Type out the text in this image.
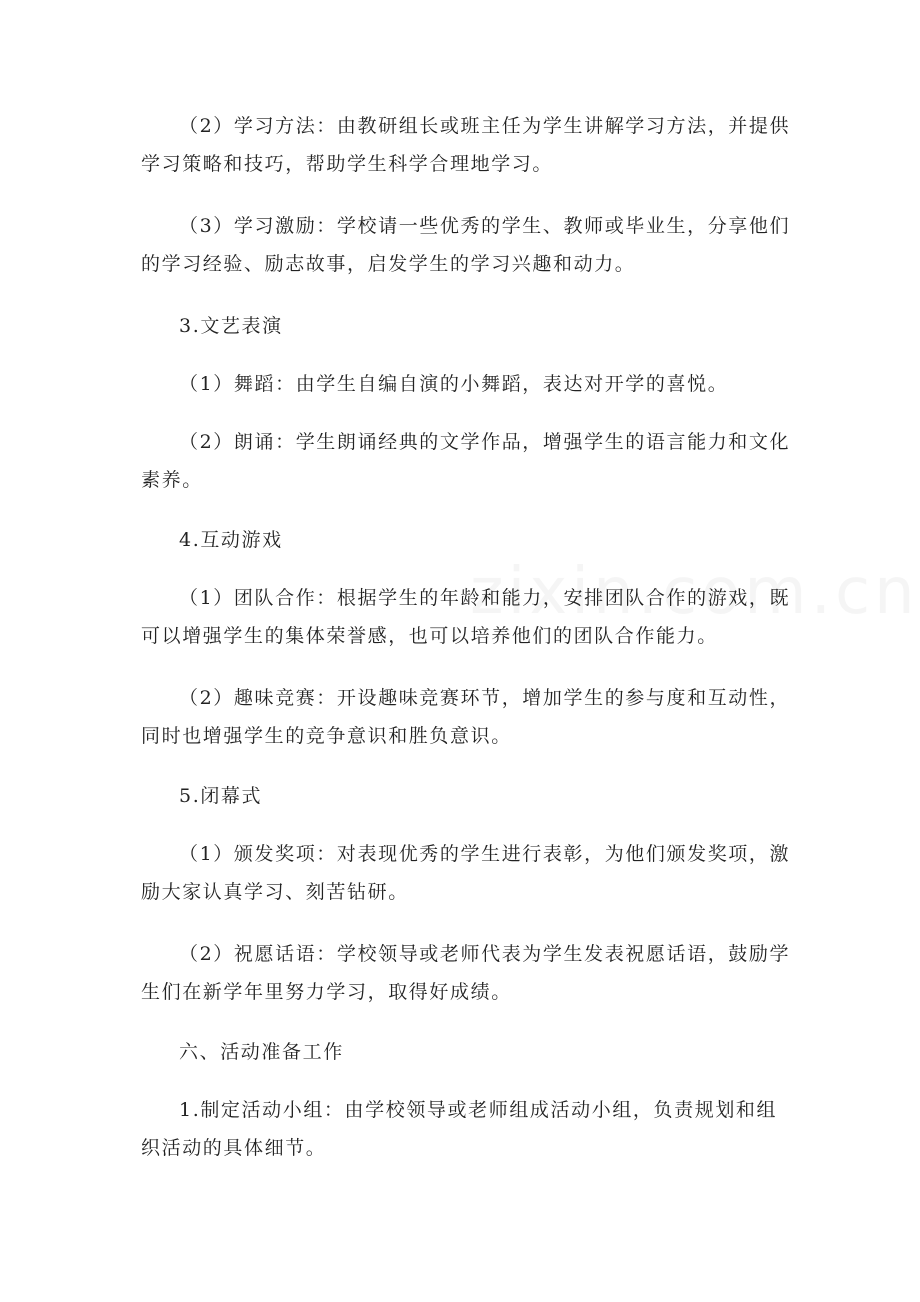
（2）学习方法：由教研组长或班主任为学生讲解学习方法，并提供学习策略和技巧，帮助学生科学合理地学习。

（3）学习激励：学校请一些优秀的学生、教师或毕业生，分享他们的学习经验、励志故事，启发学生的学习兴趣和动力。

3.文艺表演

（1）舞蹈：由学生自编自演的小舞蹈，表达对开学的喜悦。

（2）朗诵：学生朗诵经典的文学作品，增强学生的语言能力和文化素养。

4.互动游戏

（1）团队合作：根据学生的年龄和能力，安排团队合作的游戏，既可以增强学生的集体荣誉感，也可以培养他们的团队合作能力。

（2）趣味竞赛：开设趣味竞赛环节，增加学生的参与度和互动性，同时也增强学生的竞争意识和胜负意识。

5.闭幕式

（1）颁发奖项：对表现优秀的学生进行表彰，为他们颁发奖项，激励大家认真学习、刻苦钻研。

（2）祝愿话语：学校领导或老师代表为学生发表祝愿话语，鼓励学生们在新学年里努力学习，取得好成绩。

六、活动准备工作

1.制定活动小组：由学校领导或老师组成活动小组，负责规划和组织活动的具体细节。
